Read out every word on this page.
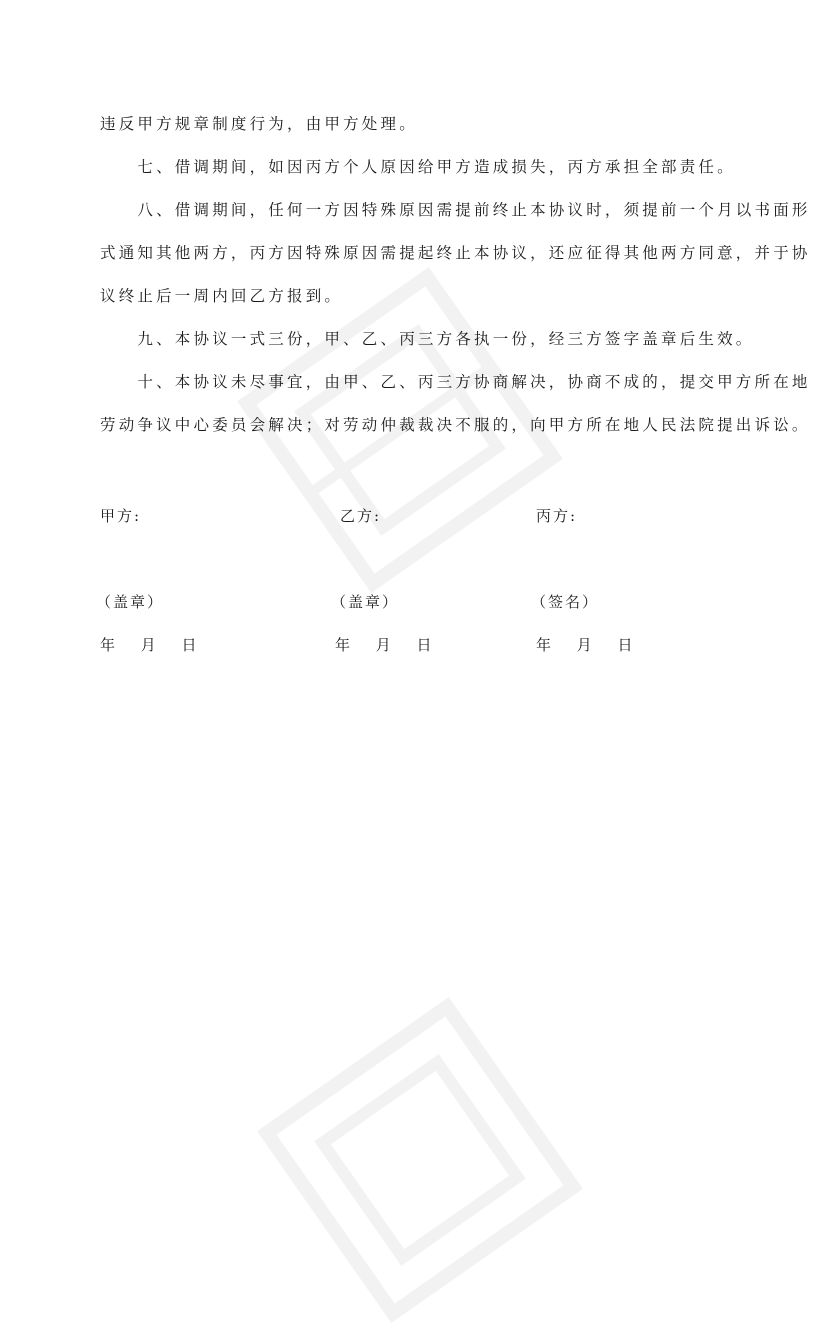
违反甲方规章制度行为，由甲方处理。
　　七、借调期间，如因丙方个人原因给甲方造成损失，丙方承担全部责任。
　　八、借调期间，任何一方因特殊原因需提前终止本协议时，须提前一个月以书面形
式通知其他两方，丙方因特殊原因需提起终止本协议，还应征得其他两方同意，并于协
议终止后一周内回乙方报到。
　　九、本协议一式三份，甲、乙、丙三方各执一份，经三方签字盖章后生效。
　　十、本协议未尽事宜，由甲、乙、丙三方协商解决，协商不成的，提交甲方所在地
劳动争议中心委员会解决；对劳动仲裁裁决不服的，向甲方所在地人民法院提出诉讼。
甲方:	乙方:	丙方:
（盖章）	（盖章）	（签名）
年　 月　 日	年　 月　 日	年　 月　 日
